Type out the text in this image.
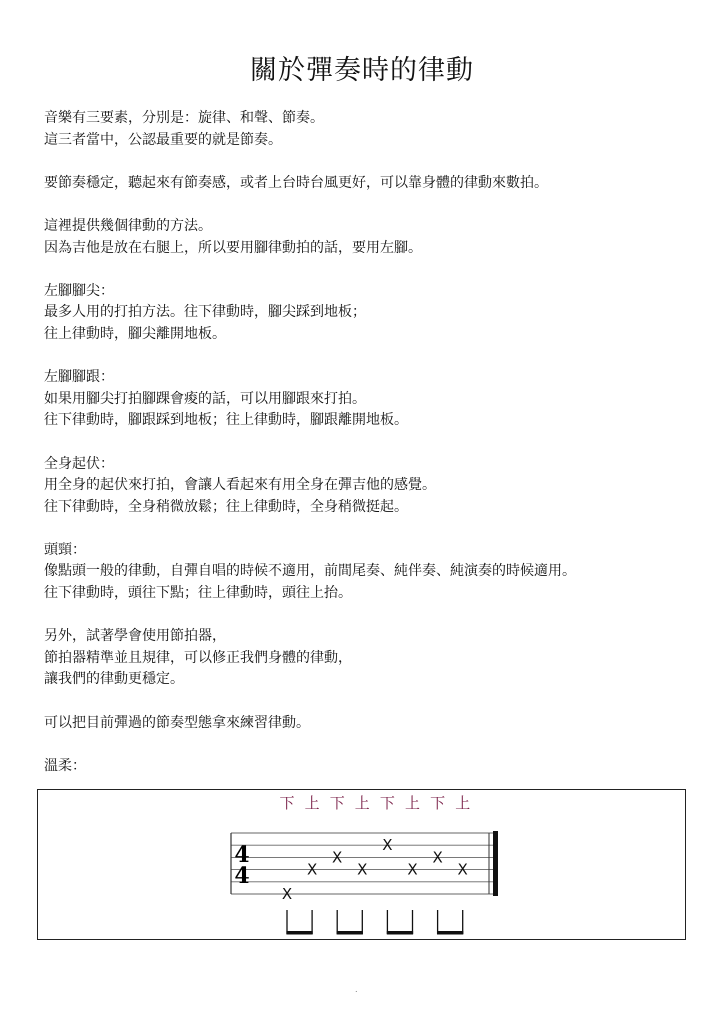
關於彈奏時的律動
音樂有三要素，分別是：旋律、和聲、節奏。
這三者當中，公認最重要的就是節奏。
要節奏穩定，聽起來有節奏感，或者上台時台風更好，可以靠身體的律動來數拍。
這裡提供幾個律動的方法。
因為吉他是放在右腿上，所以要用腳律動拍的話，要用左腳。
左腳腳尖：
最多人用的打拍方法。往下律動時，腳尖踩到地板；
往上律動時，腳尖離開地板。
左腳腳跟：
如果用腳尖打拍腳踝會痠的話，可以用腳跟來打拍。
往下律動時，腳跟踩到地板；往上律動時，腳跟離開地板。
全身起伏：
用全身的起伏來打拍，會讓人看起來有用全身在彈吉他的感覺。
往下律動時，全身稍微放鬆；往上律動時，全身稍微挺起。
頭頸：
像點頭一般的律動，自彈自唱的時候不適用，前間尾奏、純伴奏、純演奏的時候適用。
往下律動時，頭往下點；往上律動時，頭往上抬。
另外，試著學會使用節拍器，
節拍器精準並且規律，可以修正我們身體的律動，
讓我們的律動更穩定。
可以把目前彈過的節奏型態拿來練習律動。
溫柔：
4
4
下 上 下 上 下 上 下 上
X
X
X
X
X
X
X
X
.
